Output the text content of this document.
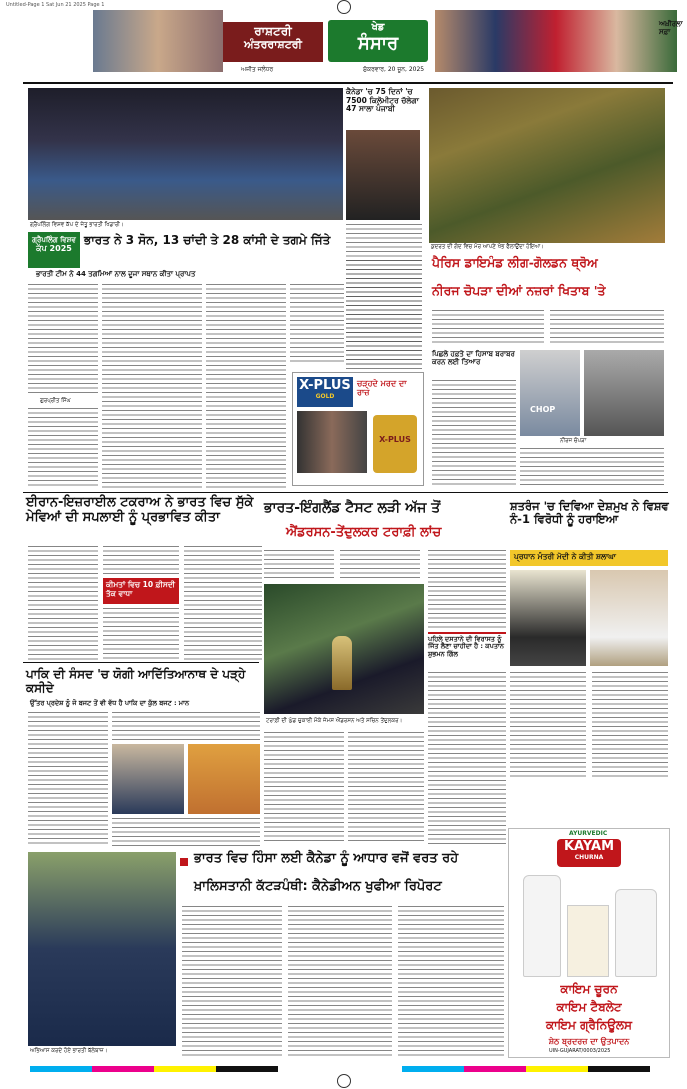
Untitled-Page 1 Sat Jun 21 2025 Page 1
ਰਾਸ਼ਟਰੀ
ਅੰਤਰਰਾਸ਼ਟਰੀ
ਅਜੀਤ ਜਲੰਧਰ
ਖੇਡ
ਸੰਸਾਰ
ਸ਼ੁੱਕਰਵਾਰ, 20 ਜੂਨ, 2025
ਅਖ਼ੀਰਲਾ ਸਫ਼ਾ
ਗ੍ਰੈਪਲਿੰਗ ਵਿਸ਼ਵ ਕੱਪ ਦੇ ਜੇਤੂ ਭਾਰਤੀ ਖਿਡਾਰੀ।
ਕੈਨੇਡਾ 'ਚ 75 ਦਿਨਾਂ 'ਚ 7500 ਕਿਲੋਮੀਟਰ ਚੱਲੇਗਾ 47 ਸਾਲਾ ਪੰਜਾਬੀ
ਕੁਦਰਤ ਦੀ ਗੋਦ ਵਿਚ ਮੋਰ ਆਪਣੇ ਖੰਭ ਫੈਲਾਉਂਦਾ ਹੋਇਆ।
ਗ੍ਰੈਪਲਿੰਗ ਵਿਸ਼ਵ
ਕੱਪ 2025
ਭਾਰਤ ਨੇ 3 ਸੋਨ, 13 ਚਾਂਦੀ ਤੇ 28 ਕਾਂਸੀ ਦੇ ਤਗਮੇ ਜਿੱਤੇ
ਭਾਰਤੀ ਟੀਮ ਨੇ 44 ਤਗਮਿਆਂ ਨਾਲ ਦੂਜਾ ਸਥਾਨ ਕੀਤਾ ਪ੍ਰਾਪਤ
ਗੁਰਪ੍ਰੀਤ ਸਿੰਘ
X-PLUS
GOLD
ਚੜ੍ਹਦੇ ਮਰਦ ਦਾ ਰਾਜ਼
X-PLUS
ਪੈਰਿਸ ਡਾਇਮੰਡ ਲੀਗ-ਗੋਲਡਨ ਥ੍ਰੋਅ
ਨੀਰਜ ਚੋਪੜਾ ਦੀਆਂ ਨਜ਼ਰਾਂ ਖਿਤਾਬ 'ਤੇ
ਪਿਛਲੇ ਹਫ਼ਤੇ ਦਾ ਹਿਸਾਬ ਬਰਾਬਰ ਕਰਨ ਲਈ ਤਿਆਰ
CHOP
ਨੀਰਜ ਚੋਪੜਾ
ਈਰਾਨ-ਇਜ਼ਰਾਈਲ ਟਕਰਾਅ ਨੇ ਭਾਰਤ ਵਿਚ ਸੁੱਕੇ ਮੇਵਿਆਂ ਦੀ ਸਪਲਾਈ ਨੂੰ ਪ੍ਰਭਾਵਿਤ ਕੀਤਾ
ਕੀਮਤਾਂ ਵਿਚ 10 ਫ਼ੀਸਦੀ ਤੱਕ ਵਾਧਾ
ਭਾਰਤ-ਇੰਗਲੈਂਡ ਟੈਸਟ ਲੜੀ ਅੱਜ ਤੋਂ
ਐਂਡਰਸਨ-ਤੇਂਦੁਲਕਰ ਟਰਾਫ਼ੀ ਲਾਂਚ
ਟਰਾਫ਼ੀ ਦੀ ਘੁੰਡ ਚੁਕਾਈ ਮੌਕੇ ਜੇਮਸ ਐਂਡਰਸਨ ਅਤੇ ਸਚਿਨ ਤੇਂਦੁਲਕਰ।
ਪਹਿਲੇ ਦਸਤਾਨੇ ਦੀ ਵਿਰਾਸਤ ਨੂੰ ਜਿੱਤ ਲੈਣਾ ਚਾਹੀਦਾ ਹੈ : ਕਪਤਾਨ ਸ਼ੁਭਮਨ ਗਿੱਲ
ਸ਼ਤਰੰਜ 'ਚ ਦਿਵਿਆ ਦੇਸ਼ਮੁਖ ਨੇ ਵਿਸ਼ਵ ਨੰ-1 ਵਿਰੋਧੀ ਨੂੰ ਹਰਾਇਆ
ਪ੍ਰਧਾਨ ਮੰਤਰੀ ਮੋਦੀ ਨੇ ਕੀਤੀ ਸ਼ਲਾਘਾ
ਪਾਕਿ ਦੀ ਸੰਸਦ 'ਚ ਯੋਗੀ ਆਦਿੱਤਿਆਨਾਥ ਦੇ ਪੜ੍ਹੇ ਕਸੀਦੇ
ਉੱਤਰ ਪ੍ਰਦੇਸ਼ ਨੂੰ ਜੋ ਬਜਟ ਤੋਂ ਵੀ ਵੱਧ ਹੈ ਪਾਕਿ ਦਾ ਕੁੱਲ ਬਜਟ : ਮਾਨ
AYURVEDIC
KAYAM
CHURNA
ਕਾਇਮ ਚੂਰਨ
ਕਾਇਮ ਟੈਬਲੇਟ
ਕਾਇਮ ਗ੍ਰੈਨਿਊਲਸ
ਸ਼ੇਠ ਬ੍ਰਦਰਜ਼ ਦਾ ਉਤਪਾਦਨ
UIN-GUJARAT/0003/2025
ਭਾਰਤ ਵਿਚ ਹਿੰਸਾ ਲਈ ਕੈਨੇਡਾ ਨੂੰ ਆਧਾਰ ਵਜੋਂ ਵਰਤ ਰਹੇ
ਖ਼ਾਲਿਸਤਾਨੀ ਕੱਟੜਪੰਥੀ: ਕੈਨੇਡੀਅਨ ਖੁਫੀਆ ਰਿਪੋਰਟ
ਅਭਿਆਸ ਕਰਦੇ ਹੋਏ ਭਾਰਤੀ ਬੱਲੇਬਾਜ਼।
